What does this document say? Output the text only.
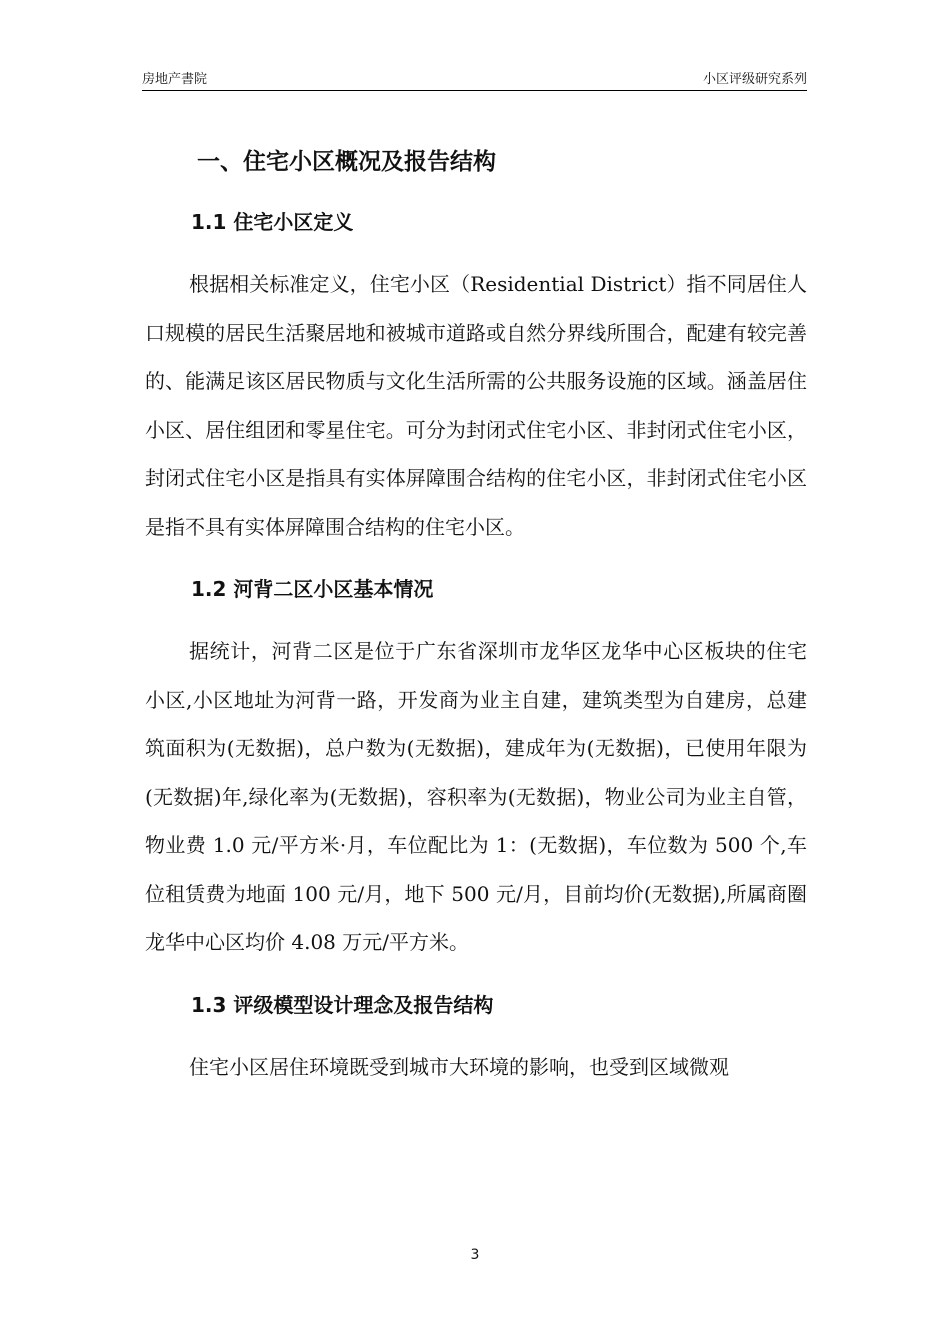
房地产書院	小区评级研究系列
一、住宅小区概况及报告结构
1.1 住宅小区定义

根据相关标准定义，住宅小区（Residential District）指不同居住人口规模的居民生活聚居地和被城市道路或自然分界线所围合，配建有较完善的、能满足该区居民物质与文化生活所需的公共服务设施的区域。涵盖居住小区、居住组团和零星住宅。可分为封闭式住宅小区、非封闭式住宅小区，封闭式住宅小区是指具有实体屏障围合结构的住宅小区，非封闭式住宅小区是指不具有实体屏障围合结构的住宅小区。

1.2 河背二区小区基本情况

据统计，河背二区是位于广东省深圳市龙华区龙华中心区板块的住宅小区,小区地址为河背一路，开发商为业主自建，建筑类型为自建房，总建筑面积为(无数据)，总户数为(无数据)，建成年为(无数据)，已使用年限为(无数据)年,绿化率为(无数据)，容积率为(无数据)，物业公司为业主自管，物业费 1.0 元/平方米·月，车位配比为 1：(无数据)，车位数为 500 个,车位租赁费为地面 100 元/月，地下 500 元/月，目前均价(无数据),所属商圈龙华中心区均价 4.08 万元/平方米。

1.3 评级模型设计理念及报告结构

住宅小区居住环境既受到城市大环境的影响，也受到区域微观

3
